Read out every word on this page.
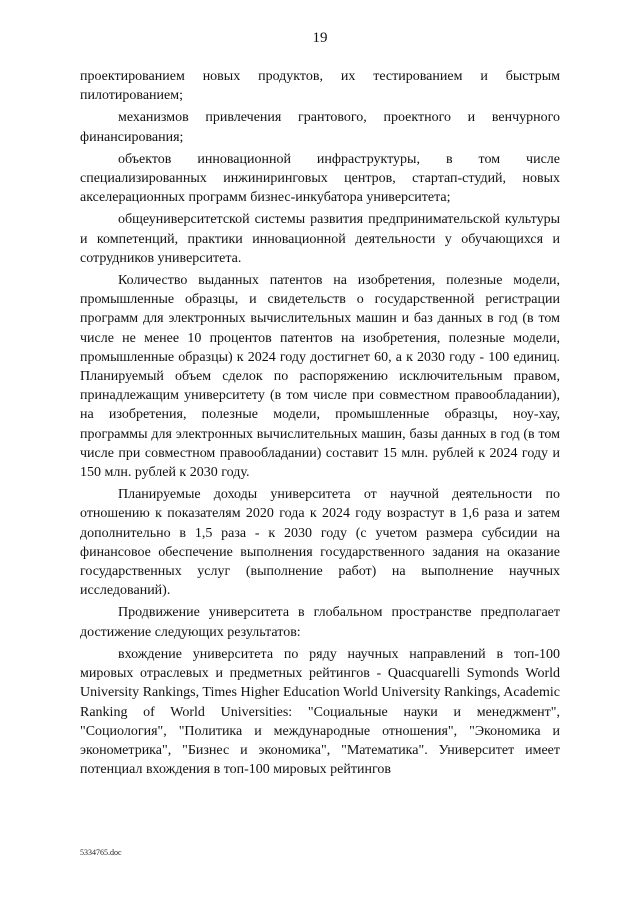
19

проектированием новых продуктов, их тестированием и быстрым пилотированием;

механизмов привлечения грантового, проектного и венчурного финансирования;

объектов инновационной инфраструктуры, в том числе специализированных инжиниринговых центров, стартап-студий, новых акселерационных программ бизнес-инкубатора университета;

общеуниверситетской системы развития предпринимательской культуры и компетенций, практики инновационной деятельности у обучающихся и сотрудников университета.

Количество выданных патентов на изобретения, полезные модели, промышленные образцы, и свидетельств о государственной регистрации программ для электронных вычислительных машин и баз данных в год (в том числе не менее 10 процентов патентов на изобретения, полезные модели, промышленные образцы) к 2024 году достигнет 60, а к 2030 году - 100 единиц. Планируемый объем сделок по распоряжению исключительным правом, принадлежащим университету (в том числе при совместном правообладании), на изобретения, полезные модели, промышленные образцы, ноу-хау, программы для электронных вычислительных машин, базы данных в год (в том числе при совместном правообладании) составит 15 млн. рублей к 2024 году и 150 млн. рублей к 2030 году.

Планируемые доходы университета от научной деятельности по отношению к показателям 2020 года к 2024 году возрастут в 1,6 раза и затем дополнительно в 1,5 раза - к 2030 году (с учетом размера субсидии на финансовое обеспечение выполнения государственного задания на оказание государственных услуг (выполнение работ) на выполнение научных исследований).

Продвижение университета в глобальном пространстве предполагает достижение следующих результатов:

вхождение университета по ряду научных направлений в топ-100 мировых отраслевых и предметных рейтингов - Quacquarelli Symonds World University Rankings, Times Higher Education World University Rankings, Academic Ranking of World Universities: "Социальные науки и менеджмент", "Социология", "Политика и международные отношения", "Экономика и эконометрика", "Бизнес и экономика", "Математика". Университет имеет потенциал вхождения в топ-100 мировых рейтингов

5334765.doc
